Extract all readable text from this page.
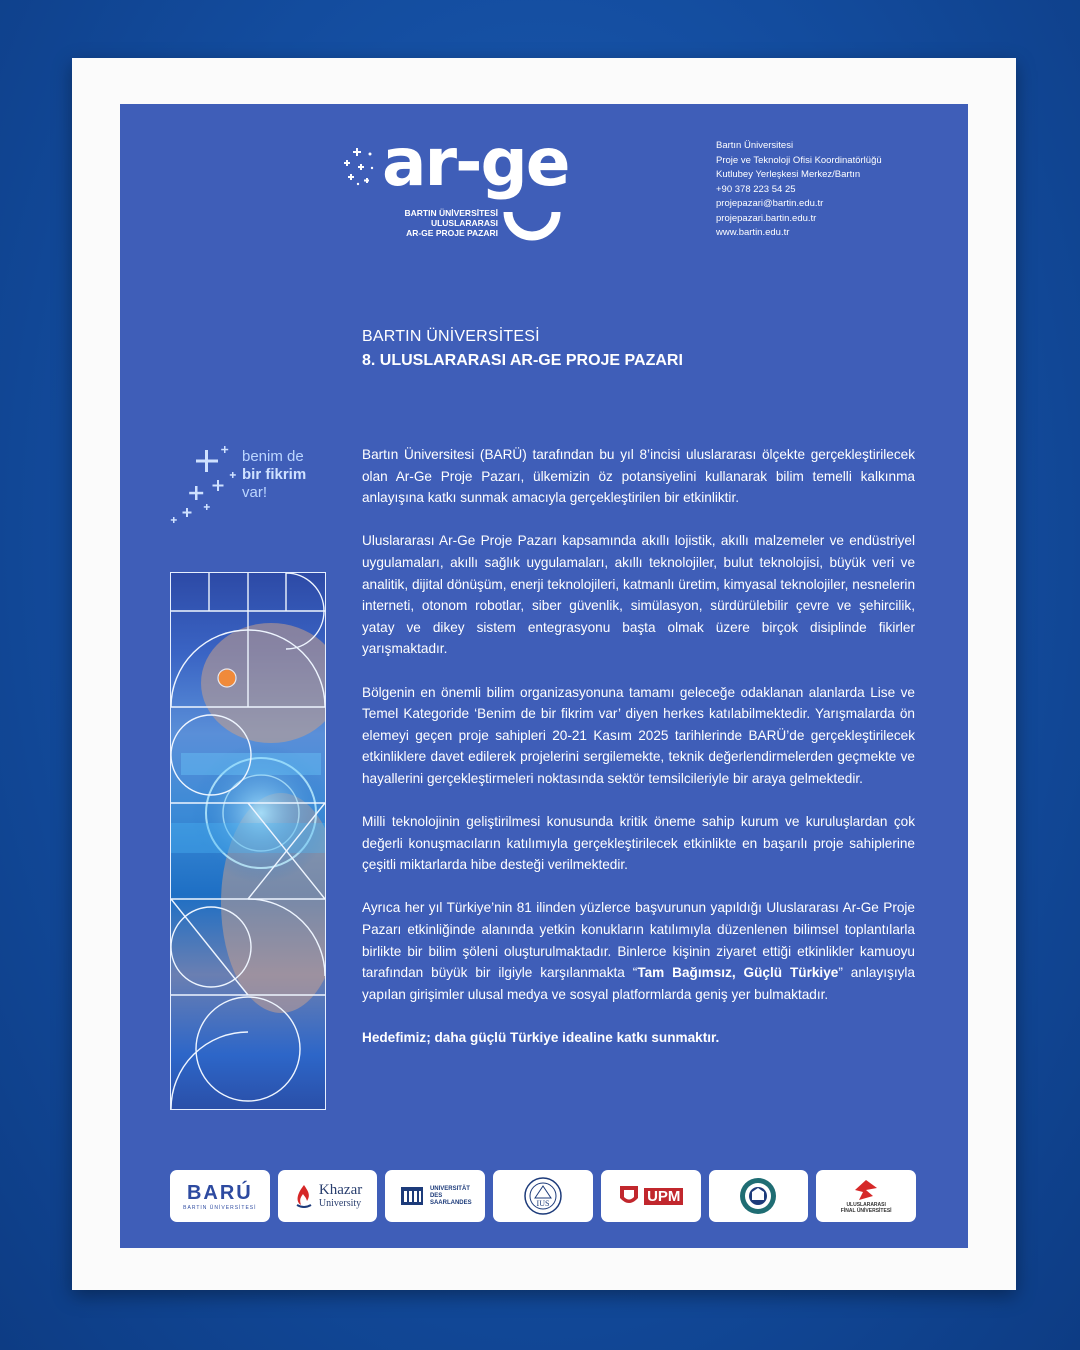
ar-ge
BARTIN ÜNİVERSİTESİ
ULUSLARARASI
AR-GE PROJE PAZARI
Bartın Üniversitesi
Proje ve Teknoloji Ofisi Koordinatörlüğü
Kutlubey Yerleşkesi Merkez/Bartın
+90 378 223 54 25
projepazari@bartin.edu.tr
projepazari.bartin.edu.tr
www.bartin.edu.tr
BARTIN ÜNİVERSİTESİ
8. ULUSLARARASI AR-GE PROJE PAZARI
benim de
bir fikrim
var!

Bartın Üniversitesi (BARÜ) tarafından bu yıl 8’incisi uluslararası ölçekte gerçekleştirilecek olan Ar-Ge Proje Pazarı, ülkemizin öz potansiyelini kullanarak bilim temelli kalkınma anlayışına katkı sunmak amacıyla gerçekleştirilen bir etkinliktir.

Uluslararası Ar-Ge Proje Pazarı kapsamında akıllı lojistik, akıllı malzemeler ve endüstriyel uygulamaları, akıllı sağlık uygulamaları, akıllı teknolojiler, bulut teknolojisi, büyük veri ve analitik, dijital dönüşüm, enerji teknolojileri, katmanlı üretim, kimyasal teknolojiler, nesnelerin interneti, otonom robotlar, siber güvenlik, simülasyon, sürdürülebilir çevre ve şehircilik, yatay ve dikey sistem entegrasyonu başta olmak üzere birçok disiplinde fikirler yarışmaktadır.

Bölgenin en önemli bilim organizasyonuna tamamı geleceğe odaklanan alanlarda Lise ve Temel Kategoride ‘Benim de bir fikrim var’ diyen herkes katılabilmektedir. Yarışmalarda ön elemeyi geçen proje sahipleri 20-21 Kasım 2025 tarihlerinde BARÜ’de gerçekleştirilecek etkinliklere davet edilerek projelerini sergilemekte, teknik değerlendirmelerden geçmekte ve hayallerini gerçekleştirmeleri noktasında sektör temsilcileriyle bir araya gelmektedir.

Milli teknolojinin geliştirilmesi konusunda kritik öneme sahip kurum ve kuruluşlardan çok değerli konuşmacıların katılımıyla gerçekleştirilecek etkinlikte en başarılı proje sahiplerine çeşitli miktarlarda hibe desteği verilmektedir.

Ayrıca her yıl Türkiye’nin 81 ilinden yüzlerce başvurunun yapıldığı Uluslararası Ar-Ge Proje Pazarı etkinliğinde alanında yetkin konukların katılımıyla düzenlenen bilimsel toplantılarla birlikte bir bilim şöleni oluşturulmaktadır. Binlerce kişinin ziyaret ettiği etkinlikler kamuoyu tarafından büyük bir ilgiyle karşılanmakta “Tam Bağımsız, Güçlü Türkiye” anlayışıyla yapılan girişimler ulusal medya ve sosyal platformlarda geniş yer bulmaktadır.

Hedefimiz; daha güçlü Türkiye idealine katkı sunmaktır.

BARÚ
BARTIN ÜNİVERSİTESİ
Khazar
University
UNIVERSITÄT
DES
SAARLANDES	IUS	UPM
ULUSLARARASI
FİNAL ÜNİVERSİTESİ
